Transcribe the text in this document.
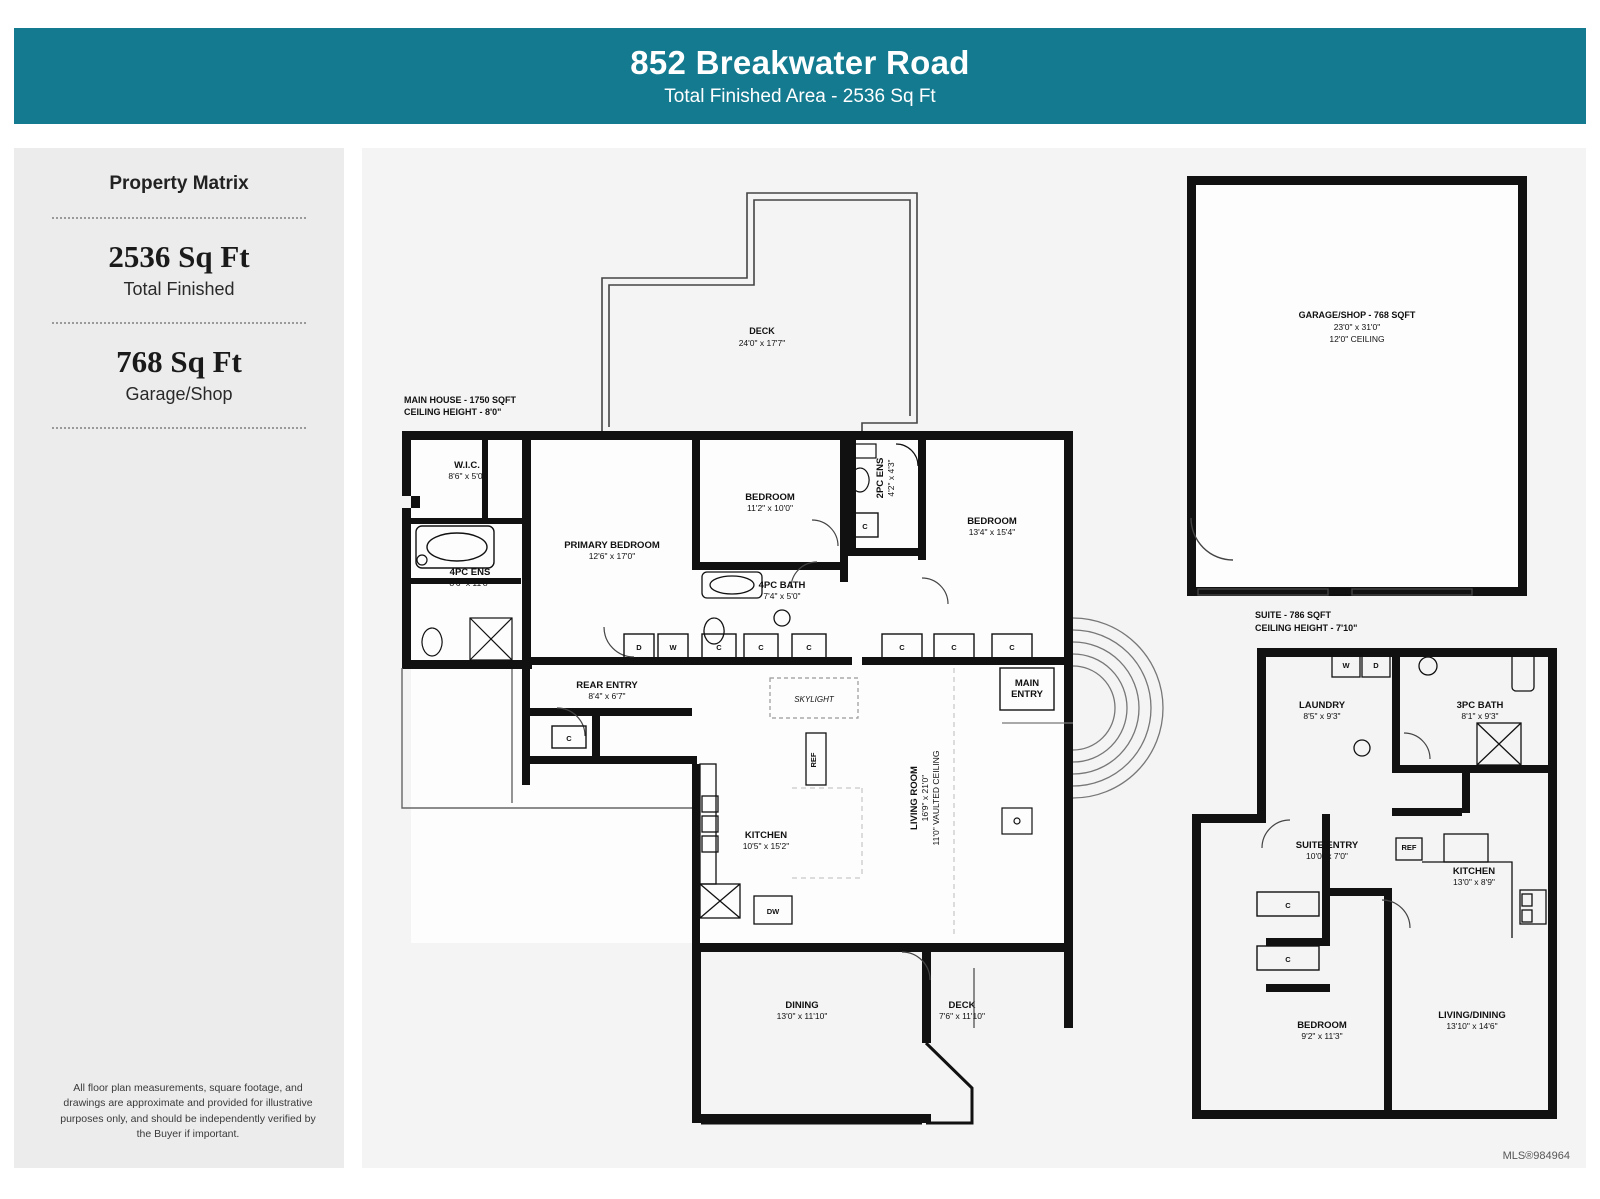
852 Breakwater Road
Total Finished Area - 2536 Sq Ft
Property Matrix
2536 Sq Ft
Total Finished
768 Sq Ft
Garage/Shop
All floor plan measurements, square footage, and drawings are approximate and provided for illustrative purposes only, and should be independently verified by the Buyer if important.
DECK
24'0" x 17'7"
MAIN HOUSE - 1750 SQFT
CEILING HEIGHT - 8'0"
W.I.C.
8'6" x 5'0"
4PC ENS
8'6" x 11'8"
PRIMARY BEDROOM
12'6" x 17'0"
BEDROOM
11'2" x 10'0"
2PC ENS 4'2" x 4'3"
BEDROOM
13'4" x 15'4"
4PC BATH
7'4" x 5'0"
C	C	C	C	C	C
C
D	W
REAR ENTRY
8'4" x 6'7"
C
SKYLIGHT
MAIN
ENTRY
DW
REF
KITCHEN
10'5" x 15'2"
LIVING ROOM 16'9" x 21'0" 11'0" VAULTED CEILING
DINING
13'0" x 11'10"
DECK
7'6" x 11'10"
GARAGE/SHOP - 768 SQFT
23'0" x 31'0"
12'0" CEILING
SUITE - 786 SQFT
CEILING HEIGHT - 7'10"
W	D
LAUNDRY
8'5" x 9'3"
3PC BATH
8'1" x 9'3"
SUITE ENTRY
10'0" x 7'0"
C
C
REF
KITCHEN
13'0" x 8'9"
BEDROOM
9'2" x 11'3"
LIVING/DINING
13'10" x 14'6"
MLS®984964
